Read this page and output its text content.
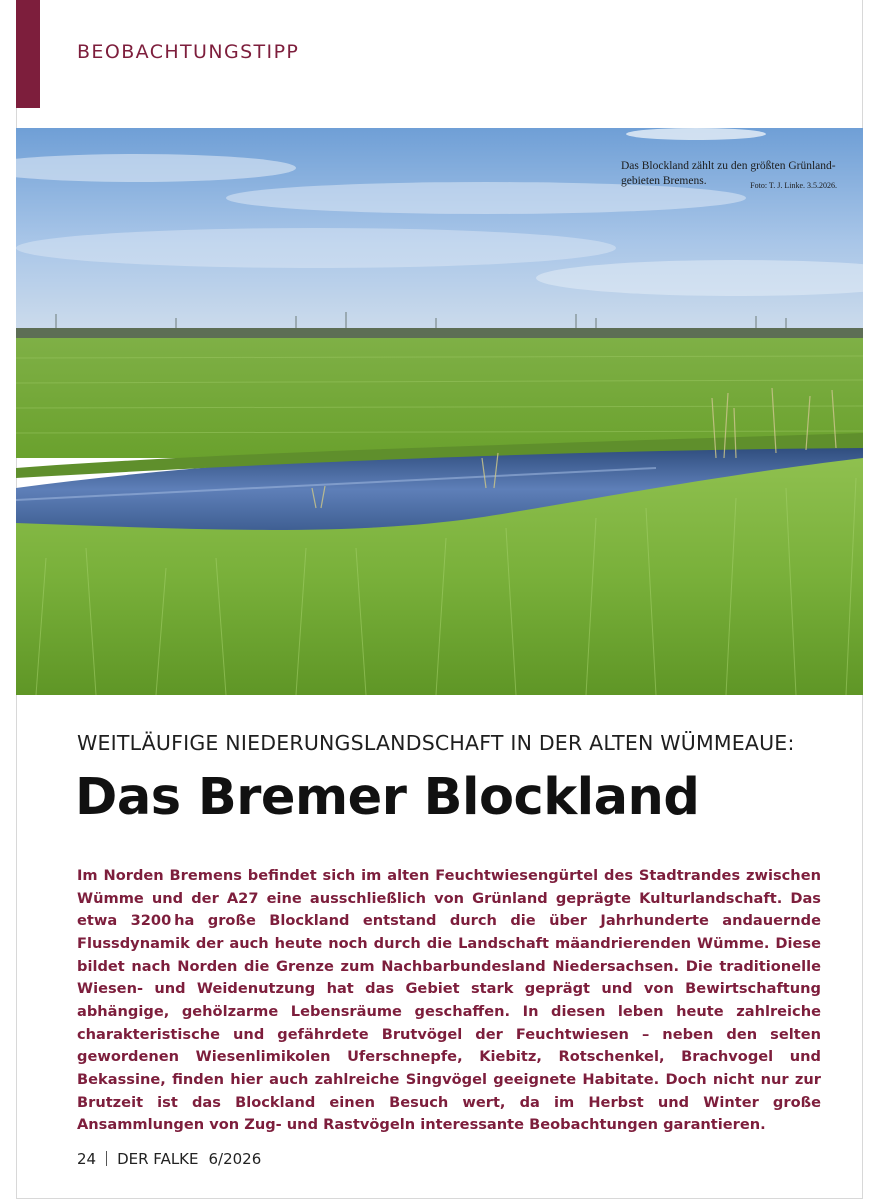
BEOBACHTUNGSTIPP
Das Blockland zählt zu den größten Grünlandgebieten Bremens.	Foto: T. J. Linke. 3.5.2026.
WEITLÄUFIGE NIEDERUNGSLANDSCHAFT IN DER ALTEN WÜMMEAUE:
Das Bremer Blockland

Im Norden Bremens befindet sich im alten Feuchtwiesengürtel des Stadtrandes zwischen Wümme und der A27 eine ausschließlich von Grünland geprägte Kulturlandschaft. Das etwa 3200 ha große Blockland entstand durch die über Jahrhunderte andauernde Flussdynamik der auch heute noch durch die Landschaft mäandrierenden Wümme. Diese bildet nach Norden die Grenze zum Nachbarbundesland Niedersachsen. Die traditionelle Wiesen- und Weidenutzung hat das Gebiet stark geprägt und von Bewirtschaftung abhängige, gehölzarme Lebensräume geschaffen. In diesen leben heute zahlreiche charakteristische und gefährdete Brutvögel der Feuchtwiesen – neben den selten gewordenen Wiesenlimikolen Uferschnepfe, Kiebitz, Rotschenkel, Brachvogel und Bekassine, finden hier auch zahlreiche Singvögel geeignete Habitate. Doch nicht nur zur Brutzeit ist das Blockland einen Besuch wert, da im Herbst und Winter große Ansammlungen von Zug- und Rastvögeln interessante Beobachtungen garantieren.

24 DER FALKE 6/2026
